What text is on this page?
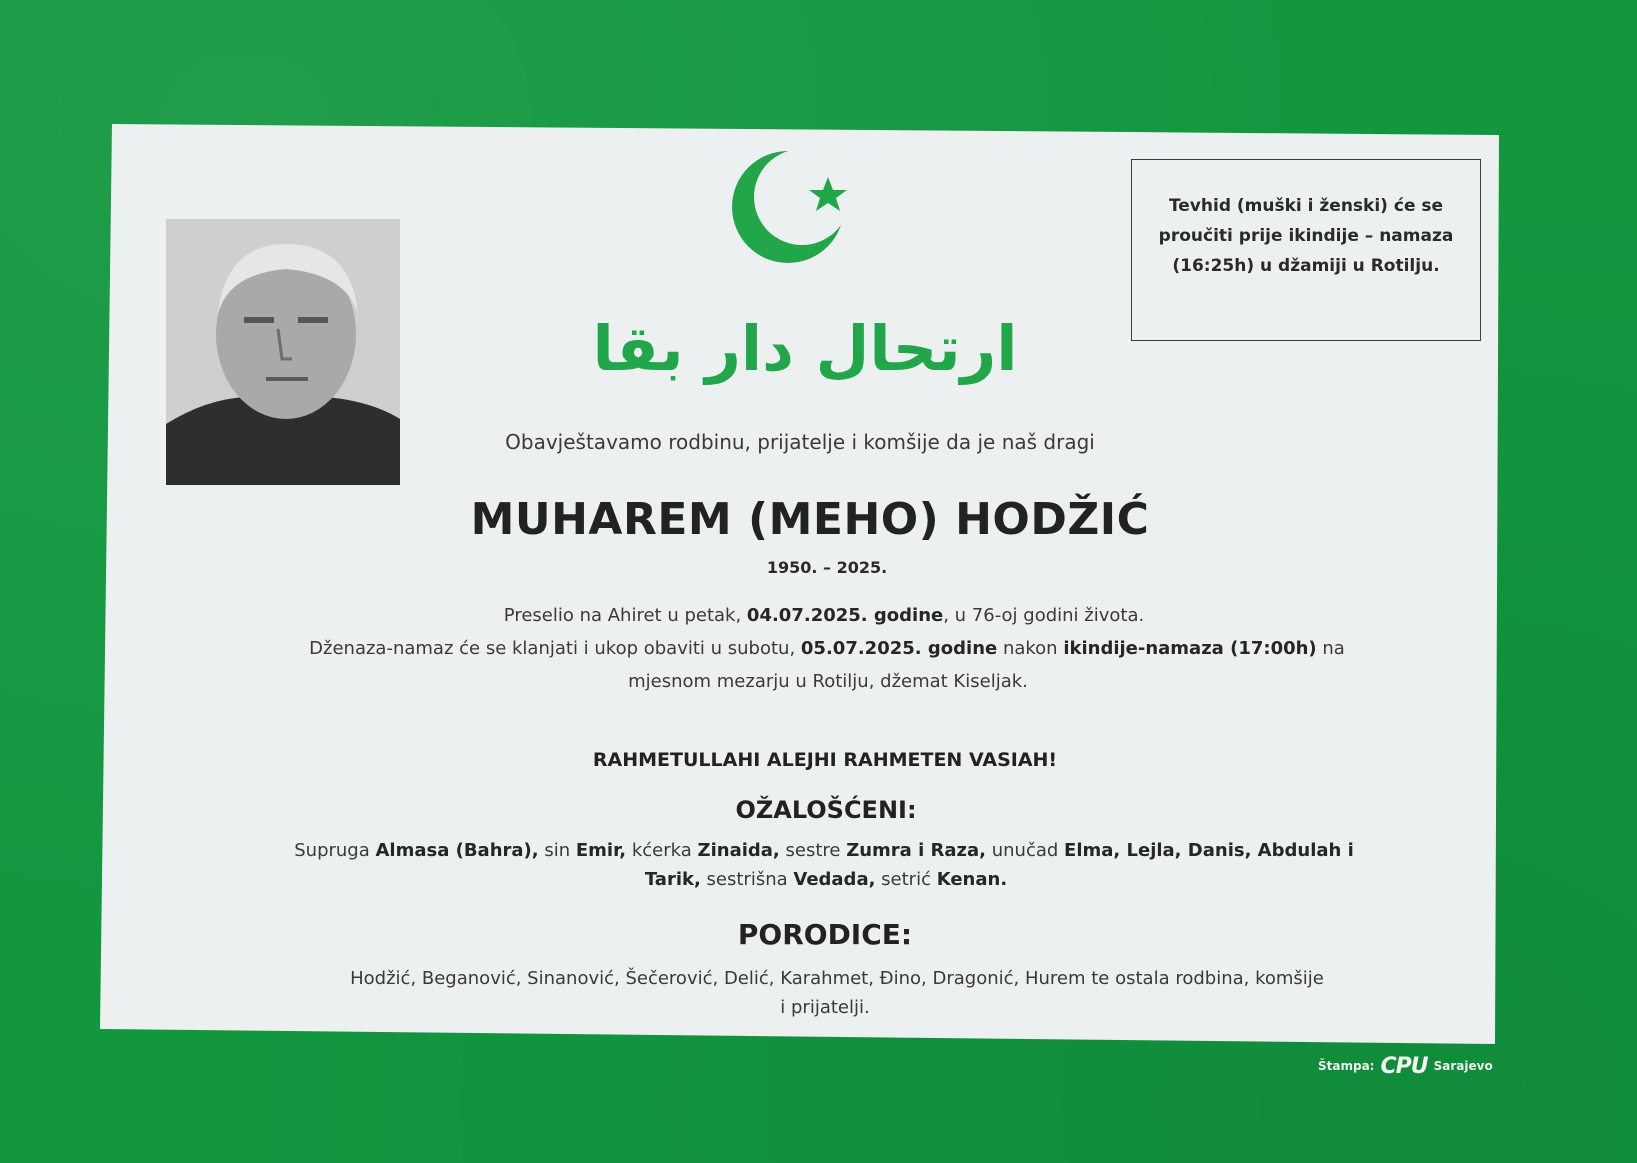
ارتحال دار بقا
Tevhid (muški i ženski) će se proučiti prije ikindije – namaza (16:25h) u džamiji u Rotilju.
Obavještavamo rodbinu, prijatelje i komšije da je naš dragi
MUHAREM (MEHO) HODŽIĆ
1950. – 2025.
Preselio na Ahiret u petak, 04.07.2025. godine, u 76-oj godini života.
Dženaza-namaz će se klanjati i ukop obaviti u subotu, 05.07.2025. godine nakon ikindije-namaza (17:00h) na
mjesnom mezarju u Rotilju, džemat Kiseljak.
RAHMETULLAHI ALEJHI RAHMETEN VASIAH!
OŽALOŠĆENI:
Supruga Almasa (Bahra), sin Emir, kćerka Zinaida, sestre Zumra i Raza, unučad Elma, Lejla, Danis, Abdulah i
Tarik, sestrišna Vedada, setrić Kenan.
PORODICE:
Hodžić, Beganović, Sinanović, Šečerović, Delić, Karahmet, Đino, Dragonić, Hurem te ostala rodbina, komšije
i prijatelji.
Štampa: CPU Sarajevo
